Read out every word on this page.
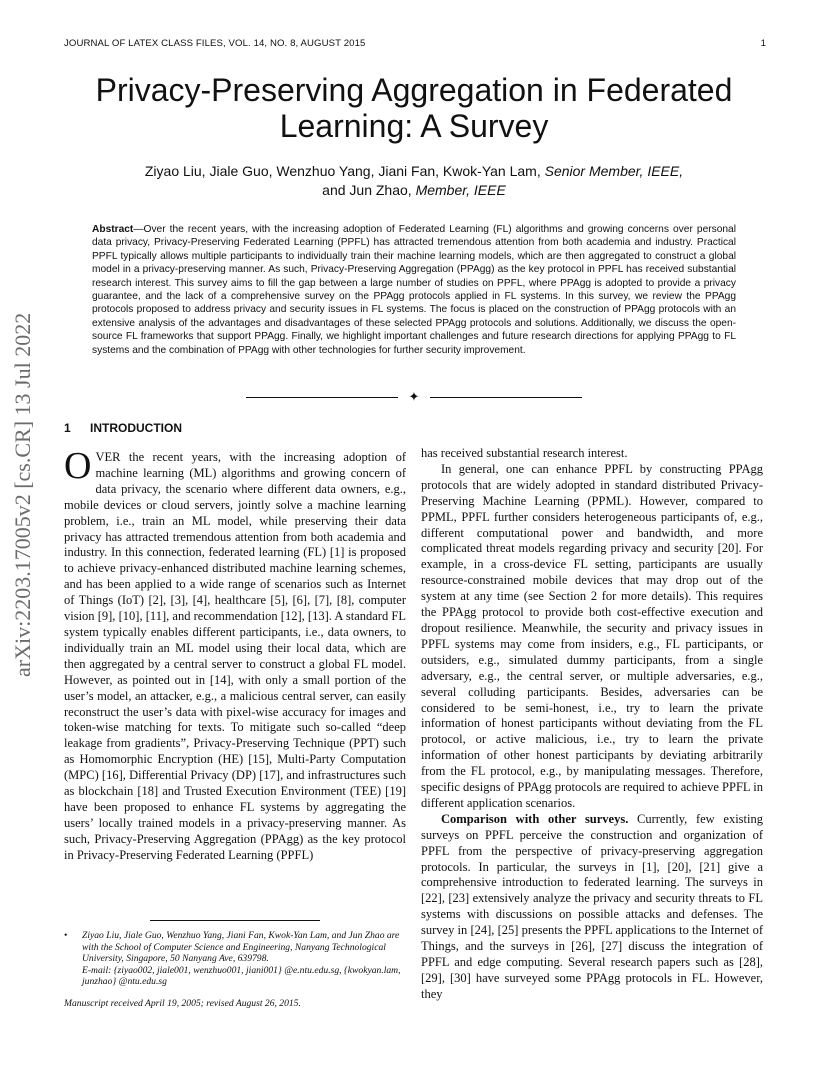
JOURNAL OF LATEX CLASS FILES, VOL. 14, NO. 8, AUGUST 2015	1
arXiv:2203.17005v2 [cs.CR] 13 Jul 2022
Privacy-Preserving Aggregation in Federated Learning: A Survey
Ziyao Liu, Jiale Guo, Wenzhuo Yang, Jiani Fan, Kwok-Yan Lam, Senior Member, IEEE,
and Jun Zhao, Member, IEEE
Abstract—Over the recent years, with the increasing adoption of Federated Learning (FL) algorithms and growing concerns over personal data privacy, Privacy-Preserving Federated Learning (PPFL) has attracted tremendous attention from both academia and industry. Practical PPFL typically allows multiple participants to individually train their machine learning models, which are then aggregated to construct a global model in a privacy-preserving manner. As such, Privacy-Preserving Aggregation (PPAgg) as the key protocol in PPFL has received substantial research interest. This survey aims to fill the gap between a large number of studies on PPFL, where PPAgg is adopted to provide a privacy guarantee, and the lack of a comprehensive survey on the PPAgg protocols applied in FL systems. In this survey, we review the PPAgg protocols proposed to address privacy and security issues in FL systems. The focus is placed on the construction of PPAgg protocols with an extensive analysis of the advantages and disadvantages of these selected PPAgg protocols and solutions. Additionally, we discuss the open-source FL frameworks that support PPAgg. Finally, we highlight important challenges and future research directions for applying PPAgg to FL systems and the combination of PPAgg with other technologies for further security improvement.
✦
1 INTRODUCTION

OVER the recent years, with the increasing adoption of machine learning (ML) algorithms and growing concern of data privacy, the scenario where different data owners, e.g., mobile devices or cloud servers, jointly solve a machine learning problem, i.e., train an ML model, while preserving their data privacy has attracted tremendous attention from both academia and industry. In this connection, federated learning (FL) [1] is proposed to achieve privacy-enhanced distributed machine learning schemes, and has been applied to a wide range of scenarios such as Internet of Things (IoT) [2], [3], [4], healthcare [5], [6], [7], [8], computer vision [9], [10], [11], and recommendation [12], [13]. A standard FL system typically enables different participants, i.e., data owners, to individually train an ML model using their local data, which are then aggregated by a central server to construct a global FL model. However, as pointed out in [14], with only a small portion of the user’s model, an attacker, e.g., a malicious central server, can easily reconstruct the user’s data with pixel-wise accuracy for images and token-wise matching for texts. To mitigate such so-called “deep leakage from gradients”, Privacy-Preserving Technique (PPT) such as Homomorphic Encryption (HE) [15], Multi-Party Computation (MPC) [16], Differential Privacy (DP) [17], and infrastructures such as blockchain [18] and Trusted Execution Environment (TEE) [19] have been proposed to enhance FL systems by aggregating the users’ locally trained models in a privacy-preserving manner. As such, Privacy-Preserving Aggregation (PPAgg) as the key protocol in Privacy-Preserving Federated Learning (PPFL)

has received substantial research interest.

In general, one can enhance PPFL by constructing PPAgg protocols that are widely adopted in standard distributed Privacy-Preserving Machine Learning (PPML). However, compared to PPML, PPFL further considers heterogeneous participants of, e.g., different computational power and bandwidth, and more complicated threat models regarding privacy and security [20]. For example, in a cross-device FL setting, participants are usually resource-constrained mobile devices that may drop out of the system at any time (see Section 2 for more details). This requires the PPAgg protocol to provide both cost-effective execution and dropout resilience. Meanwhile, the security and privacy issues in PPFL systems may come from insiders, e.g., FL participants, or outsiders, e.g., simulated dummy participants, from a single adversary, e.g., the central server, or multiple adversaries, e.g., several colluding participants. Besides, adversaries can be considered to be semi-honest, i.e., try to learn the private information of honest participants without deviating from the FL protocol, or active malicious, i.e., try to learn the private information of other honest participants by deviating arbitrarily from the FL protocol, e.g., by manipulating messages. Therefore, specific designs of PPAgg protocols are required to achieve PPFL in different application scenarios.

Comparison with other surveys. Currently, few existing surveys on PPFL perceive the construction and organization of PPFL from the perspective of privacy-preserving aggregation protocols. In particular, the surveys in [1], [20], [21] give a comprehensive introduction to federated learning. The surveys in [22], [23] extensively analyze the privacy and security threats to FL systems with discussions on possible attacks and defenses. The survey in [24], [25] presents the PPFL applications to the Internet of Things, and the surveys in [26], [27] discuss the integration of PPFL and edge computing. Several research papers such as [28], [29], [30] have surveyed some PPAgg protocols in FL. However, they

• Ziyao Liu, Jiale Guo, Wenzhuo Yang, Jiani Fan, Kwok-Yan Lam, and Jun Zhao are with the School of Computer Science and Engineering, Nanyang Technological University, Singapore, 50 Nanyang Ave, 639798.
E-mail: {ziyao002, jiale001, wenzhuo001, jiani001} @e.ntu.edu.sg, {kwokyan.lam, junzhao} @ntu.edu.sg
Manuscript received April 19, 2005; revised August 26, 2015.
